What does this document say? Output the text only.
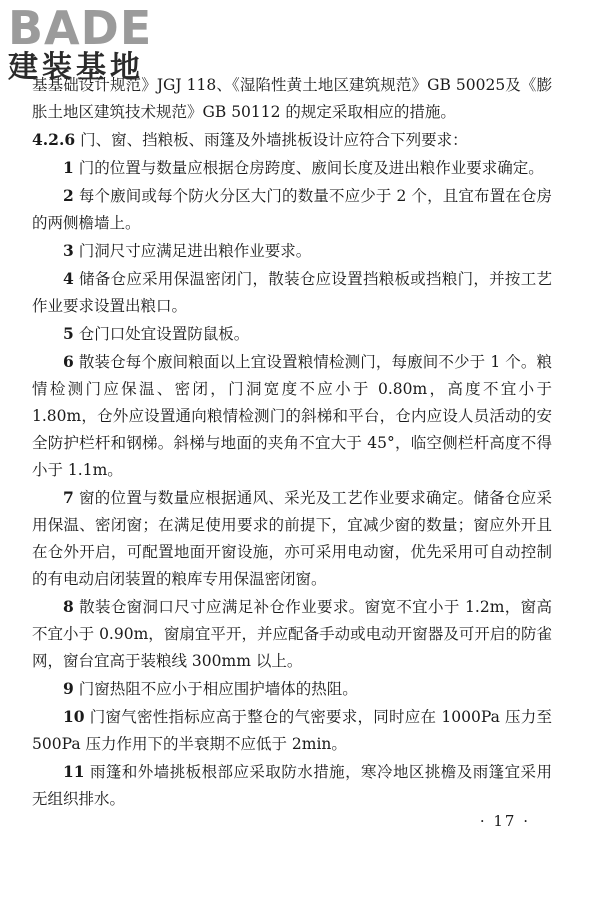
BADE
建装基地

基基础设计规范》JGJ 118、《湿陷性黄土地区建筑规范》GB 50025及《膨胀土地区建筑技术规范》GB 50112 的规定采取相应的措施。

4.2.6 门、窗、挡粮板、雨篷及外墙挑板设计应符合下列要求：

1 门的位置与数量应根据仓房跨度、廒间长度及进出粮作业要求确定。

2 每个廒间或每个防火分区大门的数量不应少于 2 个，且宜布置在仓房的两侧檐墙上。

3 门洞尺寸应满足进出粮作业要求。

4 储备仓应采用保温密闭门，散装仓应设置挡粮板或挡粮门，并按工艺作业要求设置出粮口。

5 仓门口处宜设置防鼠板。

6 散装仓每个廒间粮面以上宜设置粮情检测门，每廒间不少于 1 个。粮情检测门应保温、密闭，门洞宽度不应小于 0.80m，高度不宜小于 1.80m，仓外应设置通向粮情检测门的斜梯和平台，仓内应设人员活动的安全防护栏杆和钢梯。斜梯与地面的夹角不宜大于 45°，临空侧栏杆高度不得小于 1.1m。

7 窗的位置与数量应根据通风、采光及工艺作业要求确定。储备仓应采用保温、密闭窗；在满足使用要求的前提下，宜减少窗的数量；窗应外开且在仓外开启，可配置地面开窗设施，亦可采用电动窗，优先采用可自动控制的有电动启闭装置的粮库专用保温密闭窗。

8 散装仓窗洞口尺寸应满足补仓作业要求。窗宽不宜小于 1.2m，窗高不宜小于 0.90m，窗扇宜平开，并应配备手动或电动开窗器及可开启的防雀网，窗台宜高于装粮线 300mm 以上。

9 门窗热阻不应小于相应围护墙体的热阻。

10 门窗气密性指标应高于整仓的气密要求，同时应在 1000Pa 压力至 500Pa 压力作用下的半衰期不应低于 2min。

11 雨篷和外墙挑板根部应采取防水措施，寒冷地区挑檐及雨篷宜采用无组织排水。

· 17 ·
